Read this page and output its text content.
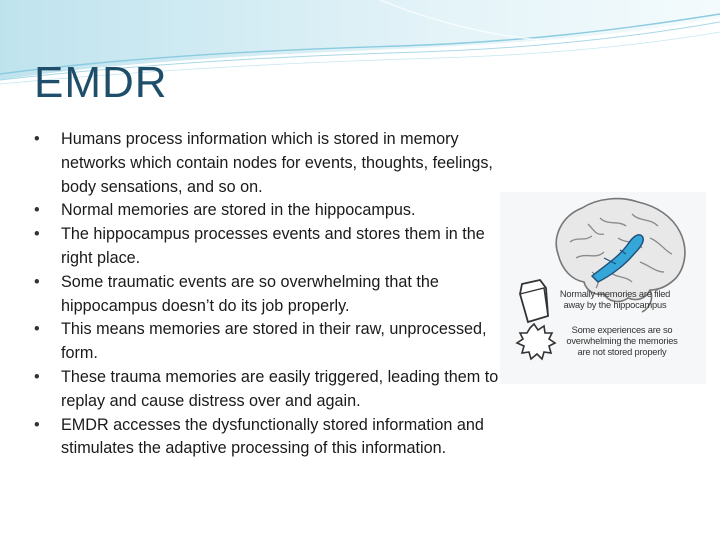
EMDR
• Humans process information which is stored in memory networks which contain nodes for events, thoughts, feelings, body sensations, and so on.
• Normal memories are stored in the hippocampus.
• The hippocampus processes events and stores them in the right place.
• Some traumatic events are so overwhelming that the hippocampus doesn’t do its job properly.
• This means memories are stored in their raw, unprocessed, form.
• These trauma memories are easily triggered, leading them to replay and cause distress over and again.
• EMDR accesses the dysfunctionally stored information and stimulates the adaptive processing of this information.
Normally memories are filed away by the hippocampus
Some experiences are so overwhelming the memories are not stored properly
